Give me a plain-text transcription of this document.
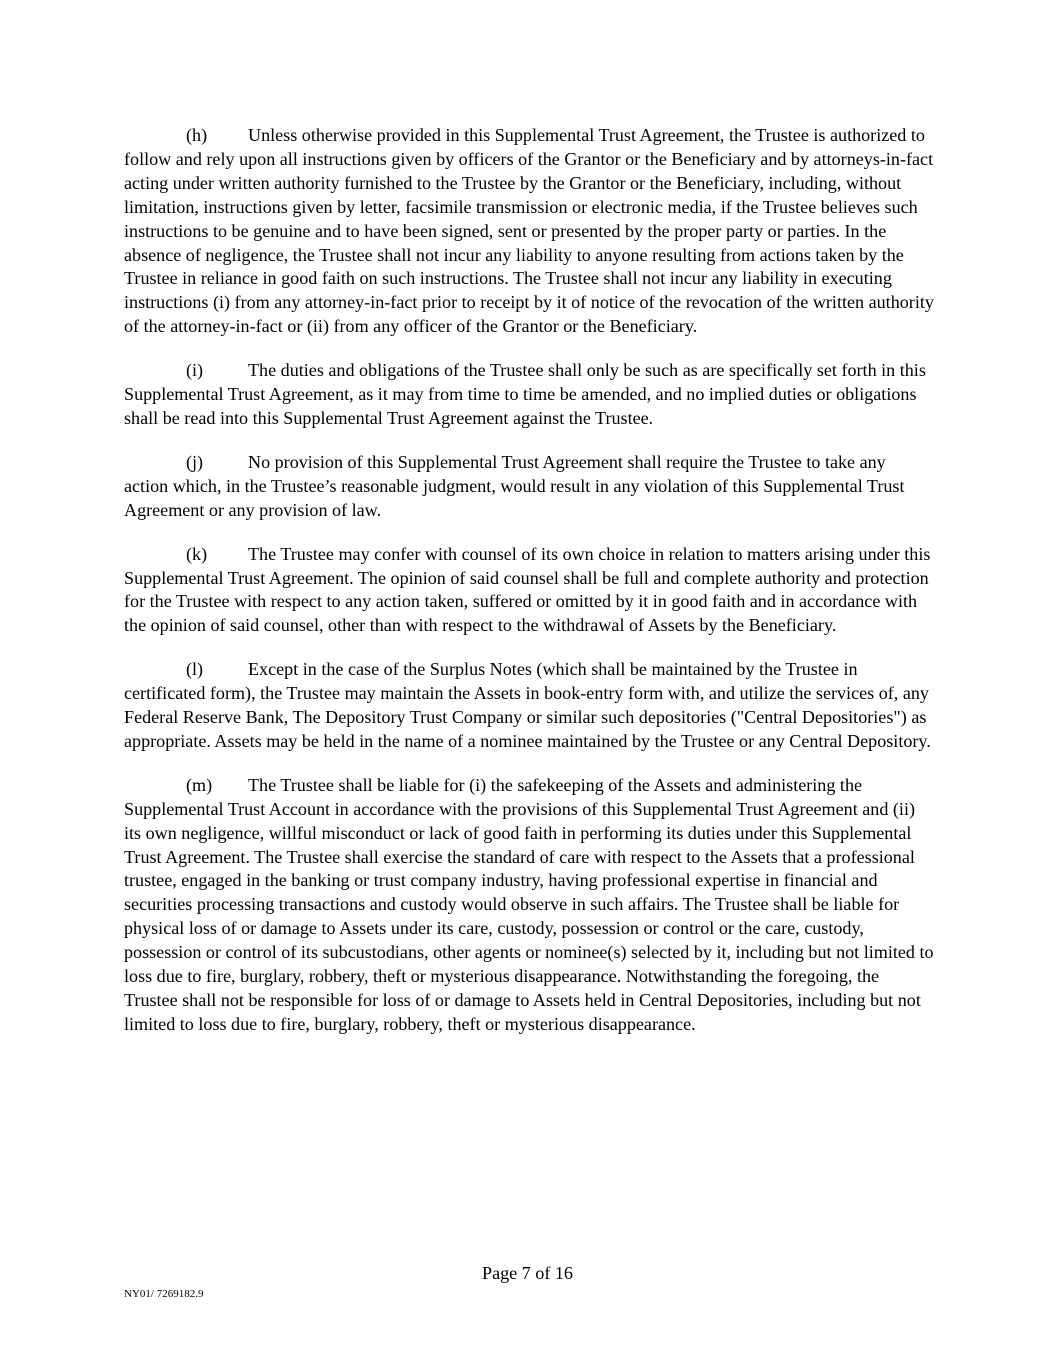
(h) Unless otherwise provided in this Supplemental Trust Agreement, the Trustee is authorized to follow and rely upon all instructions given by officers of the Grantor or the Beneficiary and by attorneys-in-fact acting under written authority furnished to the Trustee by the Grantor or the Beneficiary, including, without limitation, instructions given by letter, facsimile transmission or electronic media, if the Trustee believes such instructions to be genuine and to have been signed, sent or presented by the proper party or parties. In the absence of negligence, the Trustee shall not incur any liability to anyone resulting from actions taken by the Trustee in reliance in good faith on such instructions. The Trustee shall not incur any liability in executing instructions (i) from any attorney-in-fact prior to receipt by it of notice of the revocation of the written authority of the attorney-in-fact or (ii) from any officer of the Grantor or the Beneficiary.

(i) The duties and obligations of the Trustee shall only be such as are specifically set forth in this Supplemental Trust Agreement, as it may from time to time be amended, and no implied duties or obligations shall be read into this Supplemental Trust Agreement against the Trustee.

(j) No provision of this Supplemental Trust Agreement shall require the Trustee to take any action which, in the Trustee’s reasonable judgment, would result in any violation of this Supplemental Trust Agreement or any provision of law.

(k) The Trustee may confer with counsel of its own choice in relation to matters arising under this Supplemental Trust Agreement. The opinion of said counsel shall be full and complete authority and protection for the Trustee with respect to any action taken, suffered or omitted by it in good faith and in accordance with the opinion of said counsel, other than with respect to the withdrawal of Assets by the Beneficiary.

(l) Except in the case of the Surplus Notes (which shall be maintained by the Trustee in certificated form), the Trustee may maintain the Assets in book-entry form with, and utilize the services of, any Federal Reserve Bank, The Depository Trust Company or similar such depositories ("Central Depositories") as appropriate. Assets may be held in the name of a nominee maintained by the Trustee or any Central Depository.

(m) The Trustee shall be liable for (i) the safekeeping of the Assets and administering the Supplemental Trust Account in accordance with the provisions of this Supplemental Trust Agreement and (ii) its own negligence, willful misconduct or lack of good faith in performing its duties under this Supplemental Trust Agreement. The Trustee shall exercise the standard of care with respect to the Assets that a professional trustee, engaged in the banking or trust company industry, having professional expertise in financial and securities processing transactions and custody would observe in such affairs. The Trustee shall be liable for physical loss of or damage to Assets under its care, custody, possession or control or the care, custody, possession or control of its subcustodians, other agents or nominee(s) selected by it, including but not limited to loss due to fire, burglary, robbery, theft or mysterious disappearance. Notwithstanding the foregoing, the Trustee shall not be responsible for loss of or damage to Assets held in Central Depositories, including but not limited to loss due to fire, burglary, robbery, theft or mysterious disappearance.

Page 7 of 16
NY01/ 7269182.9
